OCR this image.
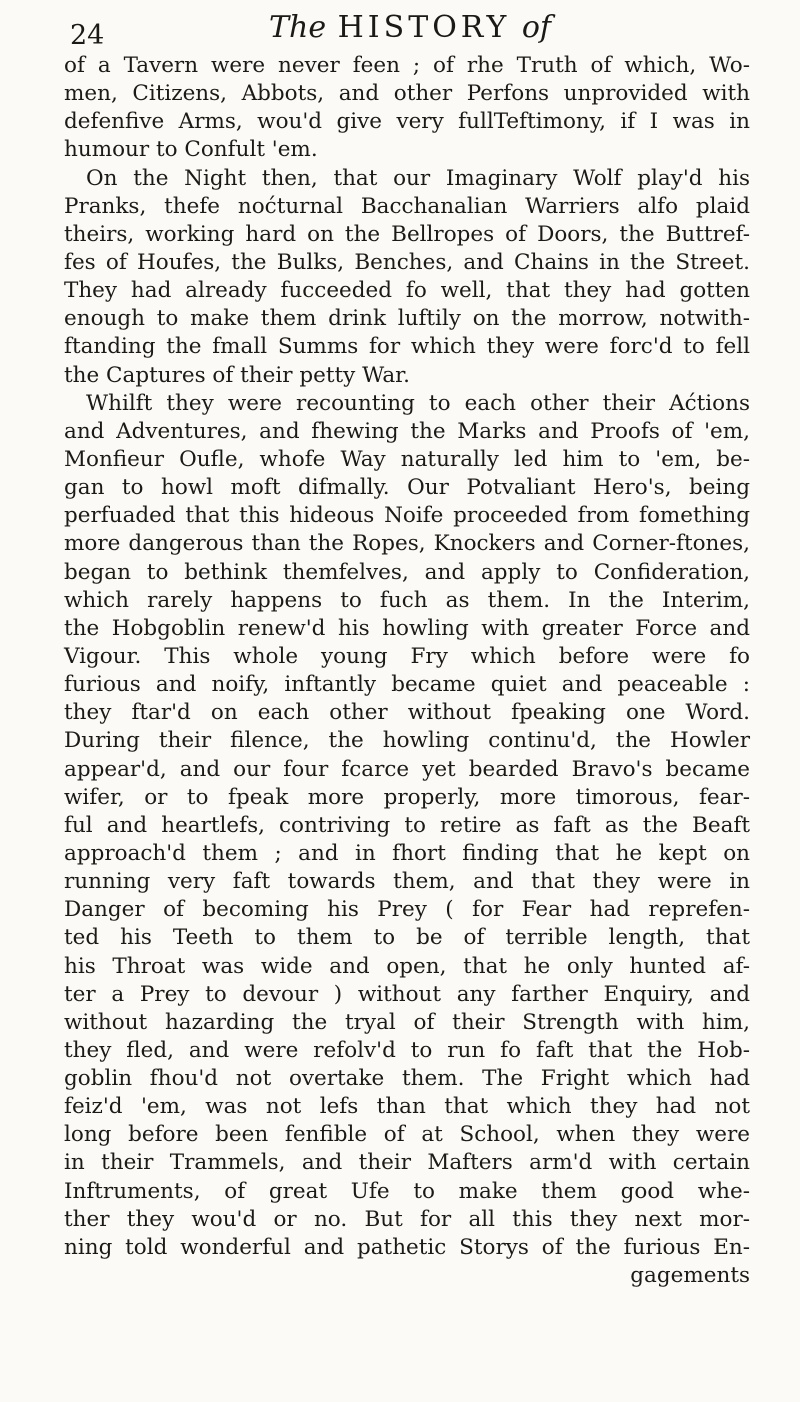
24	The HISTORY of
of a Tavern were never feen ; of rhe Truth of which, Wo-
men, Citizens, Abbots, and other Perfons unprovided with
defenfive Arms, wou'd give very fullTeftimony, if I was in
humour to Confult 'em.
On the Night then, that our Imaginary Wolf play'd his
Pranks, thefe noćturnal Bacchanalian Warriers alfo plaid
theirs, working hard on the Bellropes of Doors, the Buttref-
fes of Houfes, the Bulks, Benches, and Chains in the Street.
They had already fucceeded fo well, that they had gotten
enough to make them drink luftily on the morrow, notwith-
ftanding the fmall Summs for which they were forc'd to fell
the Captures of their petty War.
Whilft they were recounting to each other their Aćtions
and Adventures, and fhewing the Marks and Proofs of 'em,
Monfieur Oufle, whofe Way naturally led him to 'em, be-
gan to howl moft difmally. Our Potvaliant Hero's, being
perfuaded that this hideous Noife proceeded from fomething
more dangerous than the Ropes, Knockers and Corner-ftones,
began to bethink themfelves, and apply to Confideration,
which rarely happens to fuch as them. In the Interim,
the Hobgoblin renew'd his howling with greater Force and
Vigour. This whole young Fry which before were fo
furious and noify, inftantly became quiet and peaceable :
they ftar'd on each other without fpeaking one Word.
During their filence, the howling continu'd, the Howler
appear'd, and our four fcarce yet bearded Bravo's became
wifer, or to fpeak more properly, more timorous, fear-
ful and heartlefs, contriving to retire as faft as the Beaft
approach'd them ; and in fhort finding that he kept on
running very faft towards them, and that they were in
Danger of becoming his Prey ( for Fear had reprefen-
ted his Teeth to them to be of terrible length, that
his Throat was wide and open, that he only hunted af-
ter a Prey to devour ) without any farther Enquiry, and
without hazarding the tryal of their Strength with him,
they fled, and were refolv'd to run fo faft that the Hob-
goblin fhou'd not overtake them. The Fright which had
feiz'd 'em, was not lefs than that which they had not
long before been fenfible of at School, when they were
in their Trammels, and their Mafters arm'd with certain
Inftruments, of great Ufe to make them good whe-
ther they wou'd or no. But for all this they next mor-
ning told wonderful and pathetic Storys of the furious En-
gagements
